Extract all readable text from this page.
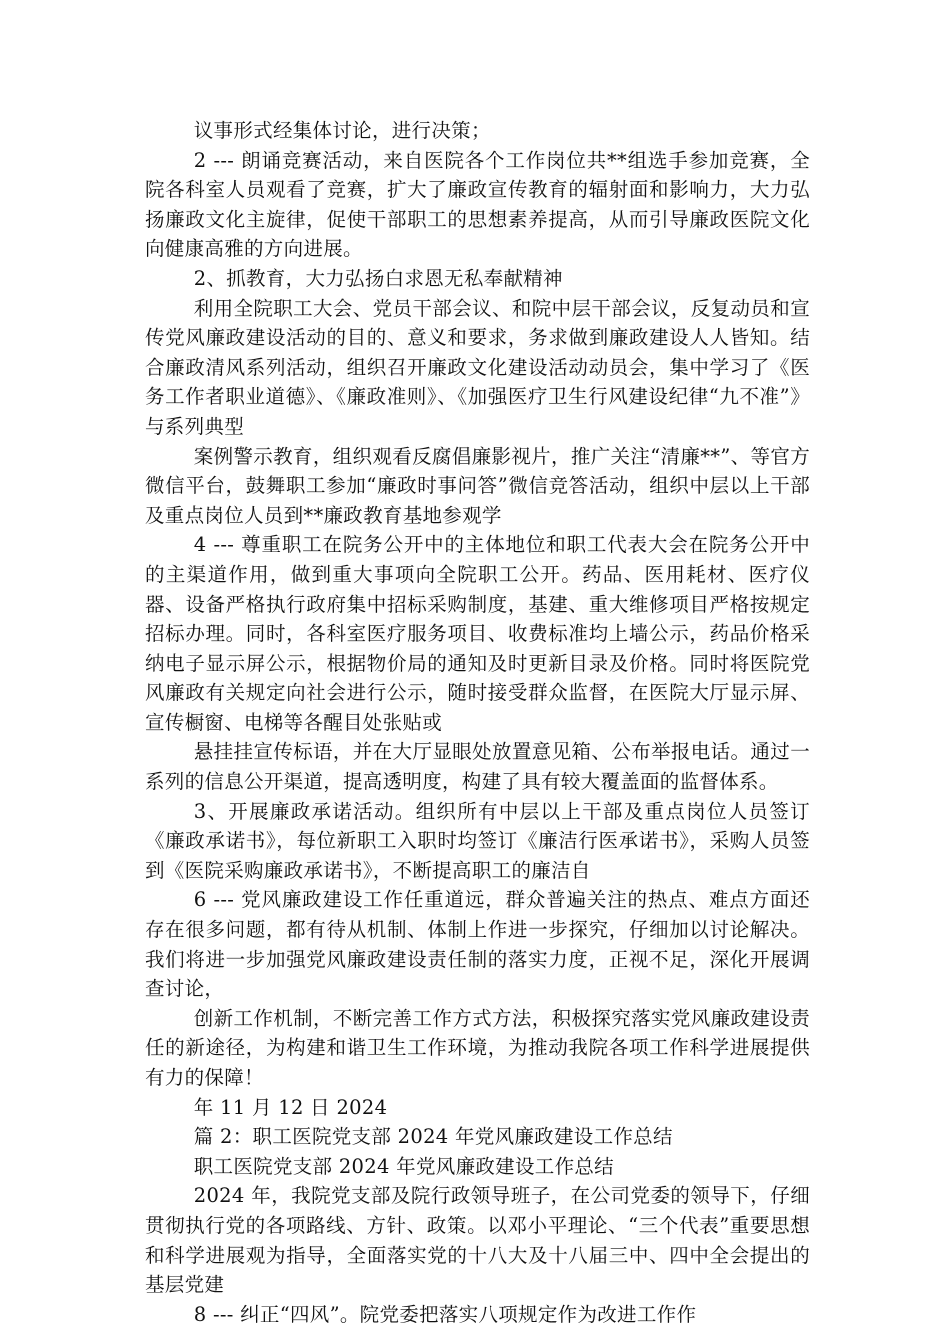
议事形式经集体讨论，进行决策；

2 --- 朗诵竞赛活动，来自医院各个工作岗位共**组选手参加竞赛，全院各科室人员观看了竞赛，扩大了廉政宣传教育的辐射面和影响力，大力弘扬廉政文化主旋律，促使干部职工的思想素养提高，从而引导廉政医院文化向健康高雅的方向进展。

2、抓教育，大力弘扬白求恩无私奉献精神

利用全院职工大会、党员干部会议、和院中层干部会议，反复动员和宣传党风廉政建设活动的目的、意义和要求，务求做到廉政建设人人皆知。结合廉政清风系列活动，组织召开廉政文化建设活动动员会，集中学习了《医务工作者职业道德》、《廉政准则》、《加强医疗卫生行风建设纪律“九不准”》与系列典型

案例警示教育，组织观看反腐倡廉影视片，推广关注“清廉**”、等官方微信平台，鼓舞职工参加“廉政时事问答”微信竞答活动，组织中层以上干部及重点岗位人员到**廉政教育基地参观学

4 --- 尊重职工在院务公开中的主体地位和职工代表大会在院务公开中的主渠道作用，做到重大事项向全院职工公开。药品、医用耗材、医疗仪器、设备严格执行政府集中招标采购制度，基建、重大维修项目严格按规定招标办理。同时，各科室医疗服务项目、收费标准均上墙公示，药品价格采纳电子显示屏公示，根据物价局的通知及时更新目录及价格。同时将医院党风廉政有关规定向社会进行公示，随时接受群众监督，在医院大厅显示屏、宣传橱窗、电梯等各醒目处张贴或

悬挂挂宣传标语，并在大厅显眼处放置意见箱、公布举报电话。通过一系列的信息公开渠道，提高透明度，构建了具有较大覆盖面的监督体系。

3、开展廉政承诺活动。组织所有中层以上干部及重点岗位人员签订《廉政承诺书》，每位新职工入职时均签订《廉洁行医承诺书》，采购人员签到《医院采购廉政承诺书》，不断提高职工的廉洁自

6 --- 党风廉政建设工作任重道远，群众普遍关注的热点、难点方面还存在很多问题，都有待从机制、体制上作进一步探究，仔细加以讨论解决。我们将进一步加强党风廉政建设责任制的落实力度，正视不足，深化开展调查讨论，

创新工作机制，不断完善工作方式方法，积极探究落实党风廉政建设责任的新途径，为构建和谐卫生工作环境，为推动我院各项工作科学进展提供有力的保障！

年 11 月 12 日 2024

篇 2：职工医院党支部 2024 年党风廉政建设工作总结

职工医院党支部 2024 年党风廉政建设工作总结

2024 年，我院党支部及院行政领导班子，在公司党委的领导下，仔细贯彻执行党的各项路线、方针、政策。以邓小平理论、“三个代表”重要思想和科学进展观为指导，全面落实党的十八大及十八届三中、四中全会提出的基层党建

8 --- 纠正“四风”。院党委把落实八项规定作为改进工作作
